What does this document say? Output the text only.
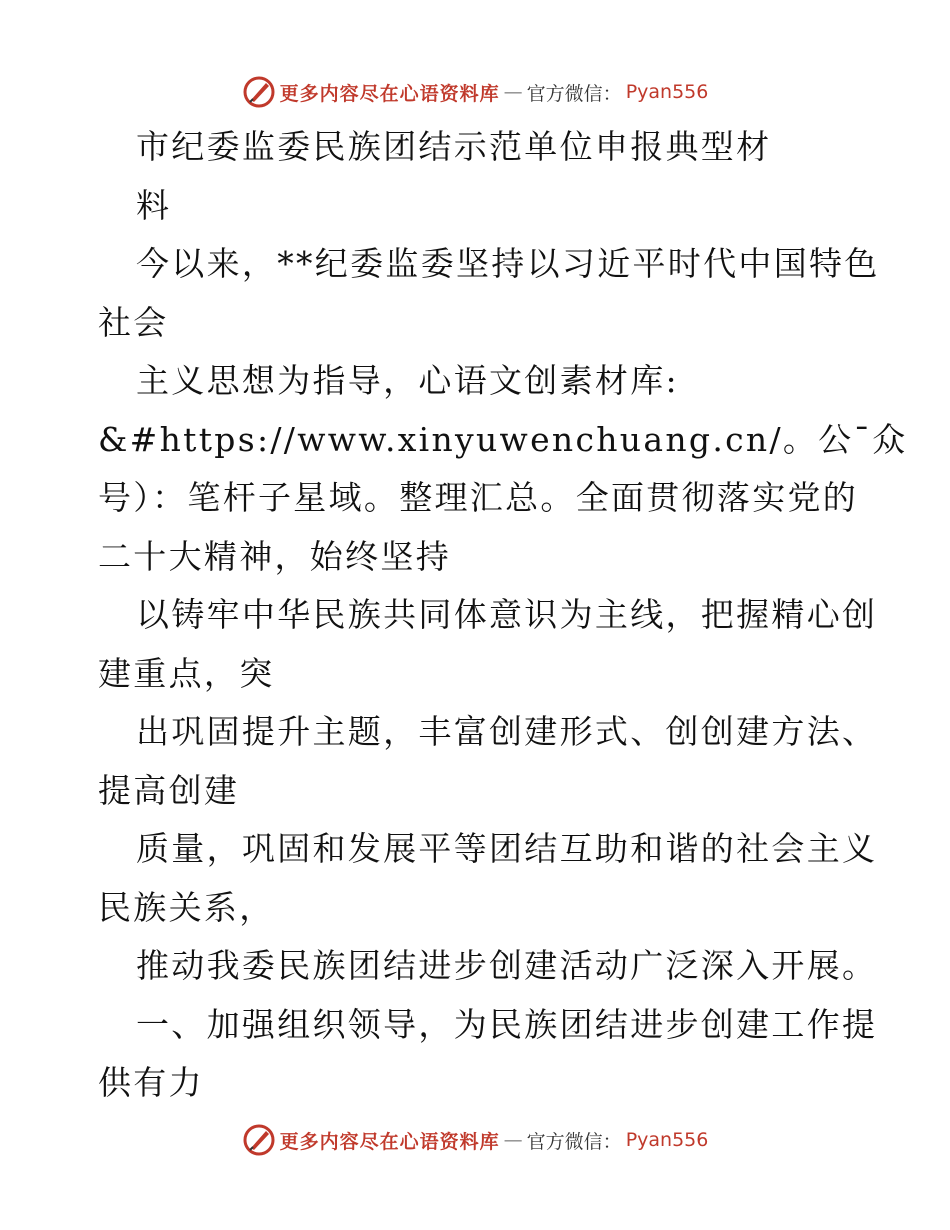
更多内容尽在心语资料库 — 官方微信： Pyan556
市纪委监委民族团结示范单位申报典型材
料
今以来，**纪委监委坚持以习近平时代中国特色
社会
主义思想为指导，心语文创素材库:
&#https://www.xinyuwenchuang.cn/。公¯众
号）：笔杆子星域。整理汇总。全面贯彻落实党的
二十大精神，始终坚持
以铸牢中华民族共同体意识为主线，把握精心创
建重点，突
出巩固提升主题，丰富创建形式、创创建方法、
提高创建
质量，巩固和发展平等团结互助和谐的社会主义
民族关系，
推动我委民族团结进步创建活动广泛深入开展。
一、加强组织领导，为民族团结进步创建工作提
供有力
更多内容尽在心语资料库 — 官方微信： Pyan556
